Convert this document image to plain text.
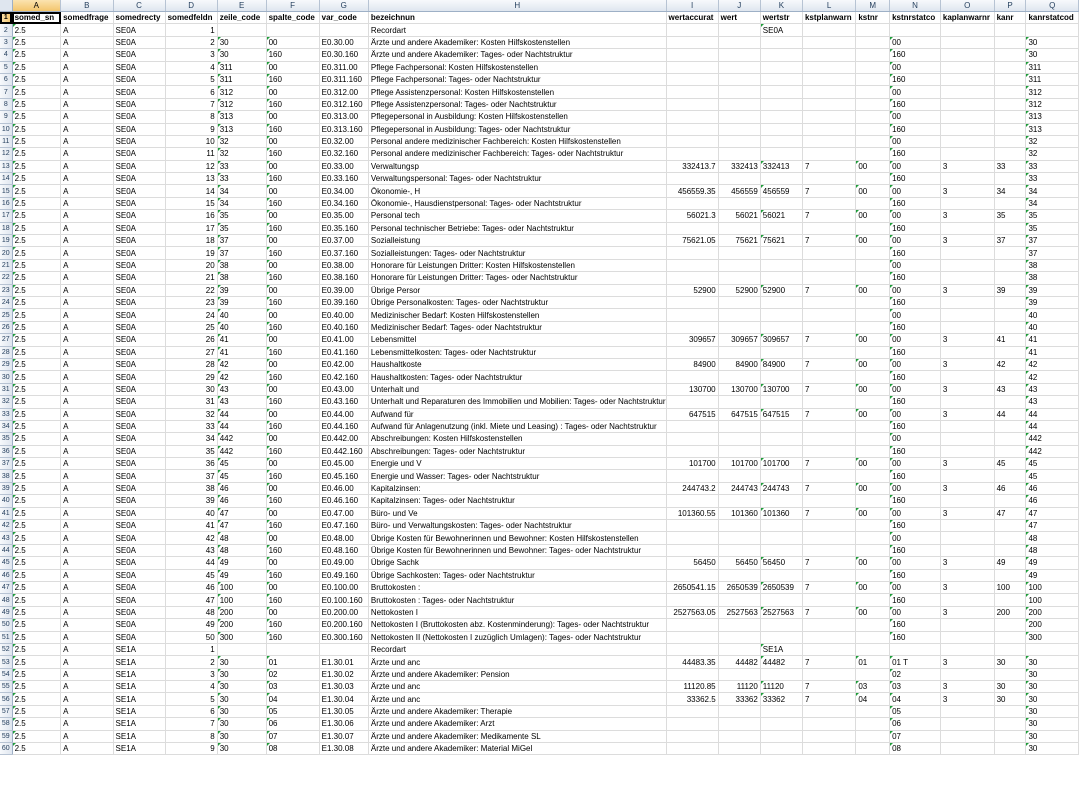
	A	B	C	D	E	F	G	H	I	J	K	L	M	N	O	P	Q
1	somed_sn	somedfrage	somedrecty	somedfeldn	zeile_code	spalte_code	var_code	bezeichnun	wertaccurat	wert	wertstr	kstplanwarn	kstnr	kstnrstatco	kaplanwarnr	kanr	kanrstatcod
2	2.5	A	SE0A	1				Recordart			SE0A						
3	2.5	A	SE0A	2	30	00	E0.30.00	Ärzte und andere Akademiker: Kosten Hilfskostenstellen						00			30
4	2.5	A	SE0A	3	30	160	E0.30.160	Ärzte und andere Akademiker: Tages- oder Nachtstruktur						160			30
5	2.5	A	SE0A	4	311	00	E0.311.00	Pflege Fachpersonal: Kosten Hilfskostenstellen						00			311
6	2.5	A	SE0A	5	311	160	E0.311.160	Pflege Fachpersonal: Tages- oder Nachtstruktur						160			311
7	2.5	A	SE0A	6	312	00	E0.312.00	Pflege Assistenzpersonal: Kosten Hilfskostenstellen						00			312
8	2.5	A	SE0A	7	312	160	E0.312.160	Pflege Assistenzpersonal: Tages- oder Nachtstruktur						160			312
9	2.5	A	SE0A	8	313	00	E0.313.00	Pflegepersonal in Ausbildung: Kosten Hilfskostenstellen						00			313
10	2.5	A	SE0A	9	313	160	E0.313.160	Pflegepersonal in Ausbildung: Tages- oder Nachtstruktur						160			313
11	2.5	A	SE0A	10	32	00	E0.32.00	Personal andere medizinischer Fachbereich: Kosten Hilfskostenstellen						00			32
12	2.5	A	SE0A	11	32	160	E0.32.160	Personal andere medizinischer Fachbereich: Tages- oder Nachtstruktur						160			32
13	2.5	A	SE0A	12	33	00	E0.33.00	Verwaltungsp	332413.7	332413	332413	7	00	00	3	33	33
14	2.5	A	SE0A	13	33	160	E0.33.160	Verwaltungspersonal: Tages- oder Nachtstruktur						160			33
15	2.5	A	SE0A	14	34	00	E0.34.00	Ökonomie-, H	456559.35	456559	456559	7	00	00	3	34	34
16	2.5	A	SE0A	15	34	160	E0.34.160	Ökonomie-, Hausdienstpersonal: Tages- oder Nachtstruktur						160			34
17	2.5	A	SE0A	16	35	00	E0.35.00	Personal tech	56021.3	56021	56021	7	00	00	3	35	35
18	2.5	A	SE0A	17	35	160	E0.35.160	Personal technischer Betriebe: Tages- oder Nachtstruktur						160			35
19	2.5	A	SE0A	18	37	00	E0.37.00	Sozialleistung	75621.05	75621	75621	7	00	00	3	37	37
20	2.5	A	SE0A	19	37	160	E0.37.160	Sozialleistungen: Tages- oder Nachtstruktur						160			37
21	2.5	A	SE0A	20	38	00	E0.38.00	Honorare für Leistungen Dritter: Kosten Hilfskostenstellen						00			38
22	2.5	A	SE0A	21	38	160	E0.38.160	Honorare für Leistungen Dritter: Tages- oder Nachtstruktur						160			38
23	2.5	A	SE0A	22	39	00	E0.39.00	Übrige Persor	52900	52900	52900	7	00	00	3	39	39
24	2.5	A	SE0A	23	39	160	E0.39.160	Übrige Personalkosten: Tages- oder Nachtstruktur						160			39
25	2.5	A	SE0A	24	40	00	E0.40.00	Medizinischer Bedarf: Kosten Hilfskostenstellen						00			40
26	2.5	A	SE0A	25	40	160	E0.40.160	Medizinischer Bedarf: Tages- oder Nachtstruktur						160			40
27	2.5	A	SE0A	26	41	00	E0.41.00	Lebensmittel	309657	309657	309657	7	00	00	3	41	41
28	2.5	A	SE0A	27	41	160	E0.41.160	Lebensmittelkosten: Tages- oder Nachtstruktur						160			41
29	2.5	A	SE0A	28	42	00	E0.42.00	Haushaltkoste	84900	84900	84900	7	00	00	3	42	42
30	2.5	A	SE0A	29	42	160	E0.42.160	Haushaltkosten: Tages- oder Nachtstruktur						160			42
31	2.5	A	SE0A	30	43	00	E0.43.00	Unterhalt und	130700	130700	130700	7	00	00	3	43	43
32	2.5	A	SE0A	31	43	160	E0.43.160	Unterhalt und Reparaturen des Immobilien und Mobilien: Tages- oder Nachtstruktur						160			43
33	2.5	A	SE0A	32	44	00	E0.44.00	Aufwand für	647515	647515	647515	7	00	00	3	44	44
34	2.5	A	SE0A	33	44	160	E0.44.160	Aufwand für Anlagenutzung (inkl. Miete und Leasing) : Tages- oder Nachtstruktur						160			44
35	2.5	A	SE0A	34	442	00	E0.442.00	Abschreibungen: Kosten Hilfskostenstellen						00			442
36	2.5	A	SE0A	35	442	160	E0.442.160	Abschreibungen: Tages- oder Nachtstruktur						160			442
37	2.5	A	SE0A	36	45	00	E0.45.00	Energie und V	101700	101700	101700	7	00	00	3	45	45
38	2.5	A	SE0A	37	45	160	E0.45.160	Energie und Wasser: Tages- oder Nachtstruktur						160			45
39	2.5	A	SE0A	38	46	00	E0.46.00	Kapitalzinsen:	244743.2	244743	244743	7	00	00	3	46	46
40	2.5	A	SE0A	39	46	160	E0.46.160	Kapitalzinsen: Tages- oder Nachtstruktur						160			46
41	2.5	A	SE0A	40	47	00	E0.47.00	Büro- und Ve	101360.55	101360	101360	7	00	00	3	47	47
42	2.5	A	SE0A	41	47	160	E0.47.160	Büro- und Verwaltungskosten: Tages- oder Nachtstruktur						160			47
43	2.5	A	SE0A	42	48	00	E0.48.00	Übrige Kosten für Bewohnerinnen und Bewohner: Kosten Hilfskostenstellen						00			48
44	2.5	A	SE0A	43	48	160	E0.48.160	Übrige Kosten für Bewohnerinnen und Bewohner: Tages- oder Nachtstruktur						160			48
45	2.5	A	SE0A	44	49	00	E0.49.00	Übrige Sachk	56450	56450	56450	7	00	00	3	49	49
46	2.5	A	SE0A	45	49	160	E0.49.160	Übrige Sachkosten: Tages- oder Nachtstruktur						160			49
47	2.5	A	SE0A	46	100	00	E0.100.00	Bruttokosten :	2650541.15	2650539	2650539	7	00	00	3	100	100
48	2.5	A	SE0A	47	100	160	E0.100.160	Bruttokosten : Tages- oder Nachtstruktur						160			100
49	2.5	A	SE0A	48	200	00	E0.200.00	Nettokosten I	2527563.05	2527563	2527563	7	00	00	3	200	200
50	2.5	A	SE0A	49	200	160	E0.200.160	Nettokosten I (Bruttokosten abz. Kostenminderung): Tages- oder Nachtstruktur						160			200
51	2.5	A	SE0A	50	300	160	E0.300.160	Nettokosten II (Nettokosten I zuzüglich Umlagen): Tages- oder Nachtstruktur						160			300
52	2.5	A	SE1A	1				Recordart			SE1A						
53	2.5	A	SE1A	2	30	01	E1.30.01	Ärzte und anc	44483.35	44482	44482	7	01	01 T	3	30	30
54	2.5	A	SE1A	3	30	02	E1.30.02	Ärzte und andere Akademiker: Pension						02			30
55	2.5	A	SE1A	4	30	03	E1.30.03	Ärzte und anc	11120.85	11120	11120	7	03	03	3	30	30
56	2.5	A	SE1A	5	30	04	E1.30.04	Ärzte und anc	33362.5	33362	33362	7	04	04	3	30	30
57	2.5	A	SE1A	6	30	05	E1.30.05	Ärzte und andere Akademiker: Therapie						05			30
58	2.5	A	SE1A	7	30	06	E1.30.06	Ärzte und andere Akademiker: Arzt						06			30
59	2.5	A	SE1A	8	30	07	E1.30.07	Ärzte und andere Akademiker: Medikamente SL						07			30
60	2.5	A	SE1A	9	30	08	E1.30.08	Ärzte und andere Akademiker: Material MiGel						08			30
